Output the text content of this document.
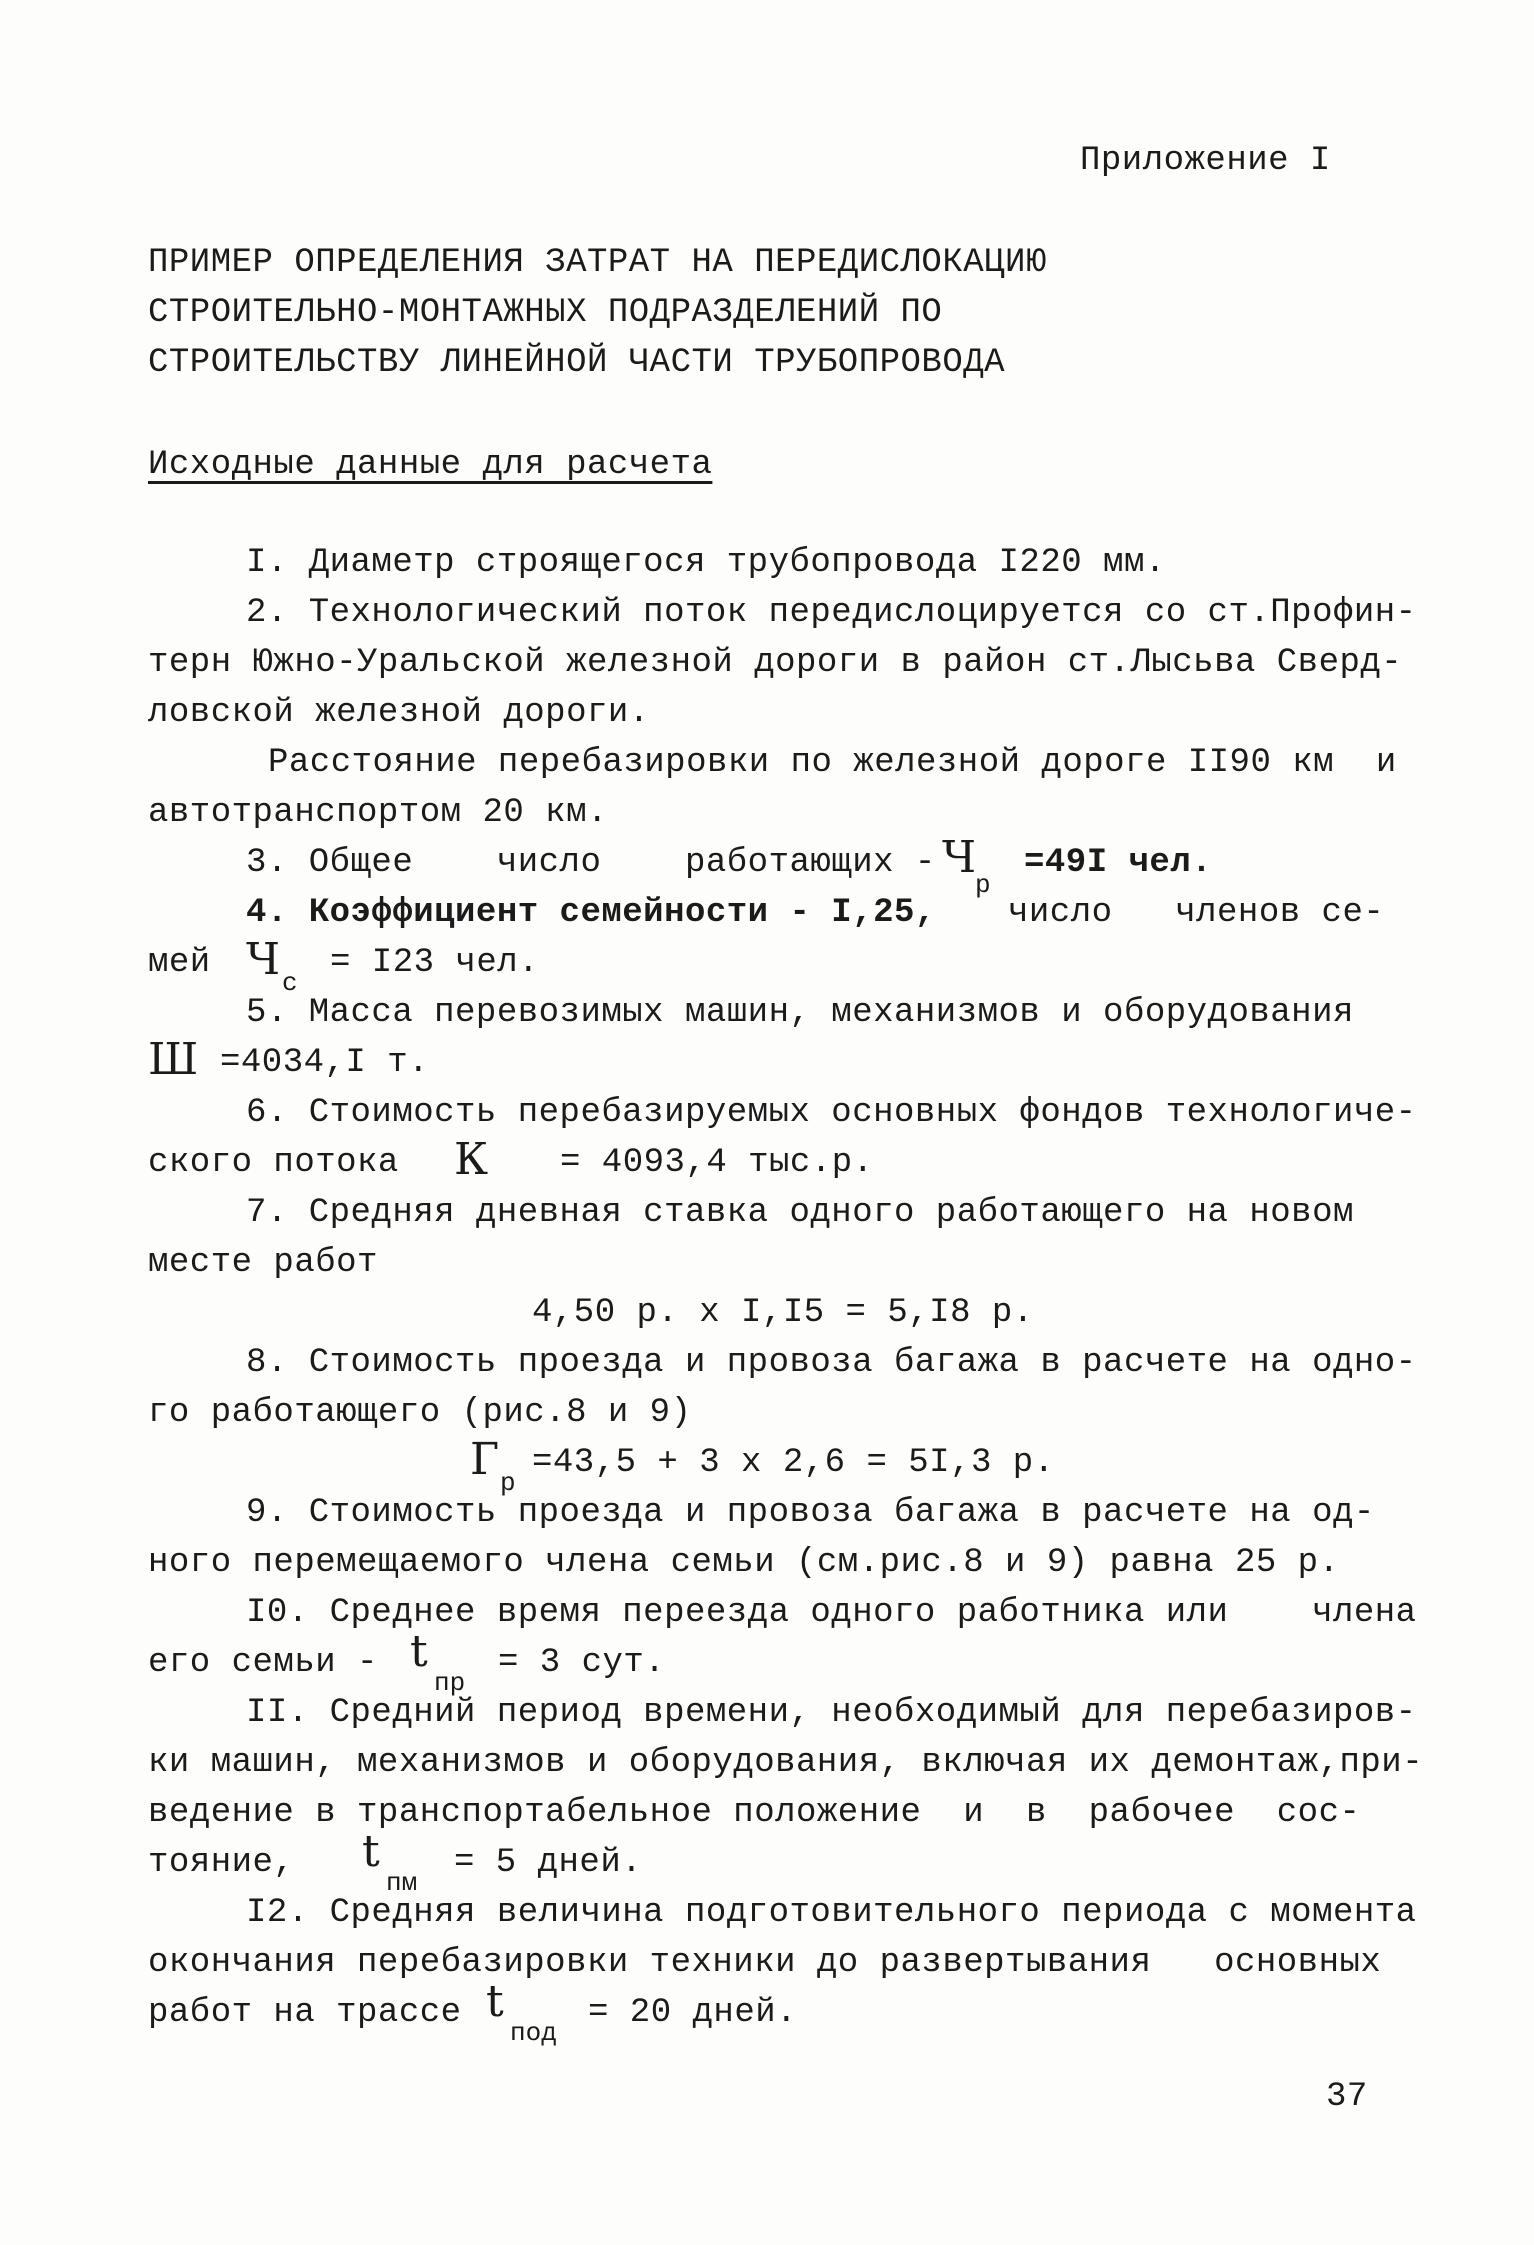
Приложение I
ПРИМЕР ОПРЕДЕЛЕНИЯ ЗАТРАТ НА ПЕРЕДИСЛОКАЦИЮ
СТРОИТЕЛЬНО-МОНТАЖНЫХ ПОДРАЗДЕЛЕНИЙ ПО
СТРОИТЕЛЬСТВУ ЛИНЕЙНОЙ ЧАСТИ ТРУБОПРОВОДА
Исходные данные для расчета
I. Диаметр строящегося трубопровода I220 мм.
2. Технологический поток передислоцируется со ст.Профин-
терн Южно-Уральской железной дороги в район ст.Лысьва Сверд-
ловской железной дороги.
Расстояние перебазировки по железной дороге II90 км  и
автотранспортом 20 км.
3. Общее    число    работающих - Ч
р
=49I чел.
4. Коэффициент семейности - I,25, число   членов се-
мей Ч с
= I23 чел.
5. Масса перевозимых машин, механизмов и оборудования
Ш =4034,I т.
6. Стоимость перебазируемых основных фондов технологиче-
ского потока К = 4093,4 тыс.р.
7. Средняя дневная ставка одного работающего на новом
месте работ
4,50 р. x I,I5 = 5,I8 р.
8. Стоимость проезда и провоза багажа в расчете на одно-
го работающего (рис.8 и 9)
Г р
=43,5 + 3 x 2,6 = 5I,3 р.
9. Стоимость проезда и провоза багажа в расчете на од-
ного перемещаемого члена семьи (см.рис.8 и 9) равна 25 р.
I0. Среднее время переезда одного работника или    члена
его семьи - t
пр
= 3 сут.
II. Средний период времени, необходимый для перебазиров-
ки машин, механизмов и оборудования, включая их демонтаж,при-
ведение в транспортабельное положение  и  в  рабочее  сос-
тояние, t
пм
= 5 дней.
I2. Средняя величина подготовительного периода с момента
окончания перебазировки техники до развертывания   основных
работ на трассе t
под
= 20 дней.
37
